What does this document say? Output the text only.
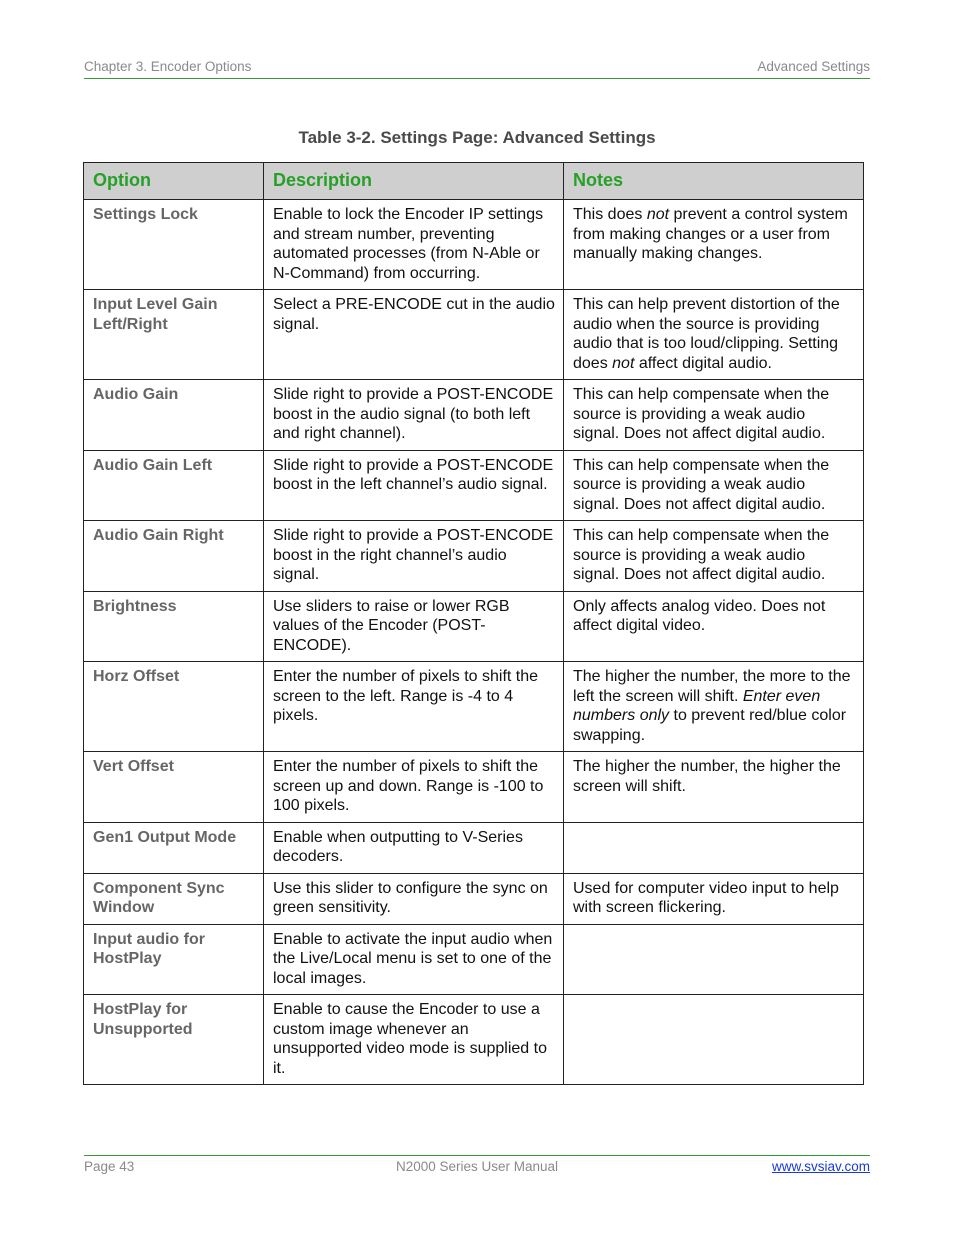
Chapter 3. Encoder Options	Advanced Settings
Table 3-2. Settings Page: Advanced Settings
Option	Description	Notes
Settings Lock	Enable to lock the Encoder IP settings and stream number, preventing automated processes (from N-Able or N-Command) from occurring.	This does not prevent a control system from making changes or a user from manually making changes.
Input Level Gain Left/Right	Select a PRE-ENCODE cut in the audio signal.	This can help prevent distortion of the audio when the source is providing audio that is too loud/clipping. Setting does not affect digital audio.
Audio Gain	Slide right to provide a POST-ENCODE boost in the audio signal (to both left and right channel).	This can help compensate when the source is providing a weak audio signal. Does not affect digital audio.
Audio Gain Left	Slide right to provide a POST-ENCODE boost in the left channel’s audio signal.	This can help compensate when the source is providing a weak audio signal. Does not affect digital audio.
Audio Gain Right	Slide right to provide a POST-ENCODE boost in the right channel’s audio signal.	This can help compensate when the source is providing a weak audio signal. Does not affect digital audio.
Brightness	Use sliders to raise or lower RGB values of the Encoder (POST-ENCODE).	Only affects analog video. Does not affect digital video.
Horz Offset	Enter the number of pixels to shift the screen to the left. Range is -4 to 4 pixels.	The higher the number, the more to the left the screen will shift. Enter even numbers only to prevent red/blue color swapping.
Vert Offset	Enter the number of pixels to shift the screen up and down. Range is -100 to 100 pixels.	The higher the number, the higher the screen will shift.
Gen1 Output Mode	Enable when outputting to V-Series decoders.	
Component Sync Window	Use this slider to configure the sync on green sensitivity.	Used for computer video input to help with screen flickering.
Input audio for HostPlay	Enable to activate the input audio when the Live/Local menu is set to one of the local images.	
HostPlay for Unsupported	Enable to cause the Encoder to use a custom image whenever an unsupported video mode is supplied to it.	
Page 43	N2000 Series User Manual	www.svsiav.com
